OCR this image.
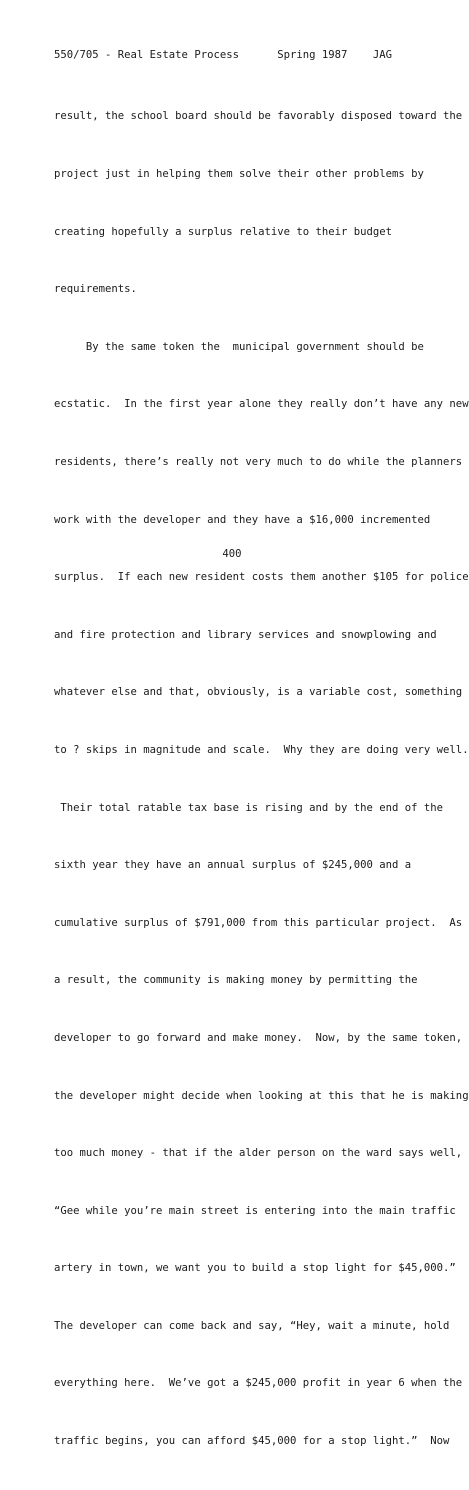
550/705 - Real Estate Process      Spring 1987    JAG

result, the school board should be favorably disposed toward the

project just in helping them solve their other problems by

creating hopefully a surplus relative to their budget

requirements.

By the same token the  municipal government should be

ecstatic.  In the first year alone they really don’t have any new

residents, there’s really not very much to do while the planners

work with the developer and they have a $16,000 incremented

surplus.  If each new resident costs them another $105 for police

and fire protection and library services and snowplowing and

whatever else and that, obviously, is a variable cost, something

to ? skips in magnitude and scale.  Why they are doing very well.

Their total ratable tax base is rising and by the end of the

sixth year they have an annual surplus of $245,000 and a

cumulative surplus of $791,000 from this particular project.  As

a result, the community is making money by permitting the

developer to go forward and make money.  Now, by the same token,

the developer might decide when looking at this that he is making

too much money - that if the alder person on the ward says well,

“Gee while you’re main street is entering into the main traffic

artery in town, we want you to build a stop light for $45,000.”

The developer can come back and say, “Hey, wait a minute, hold

everything here.  We’ve got a $245,000 profit in year 6 when the

traffic begins, you can afford $45,000 for a stop light.”  Now

400
